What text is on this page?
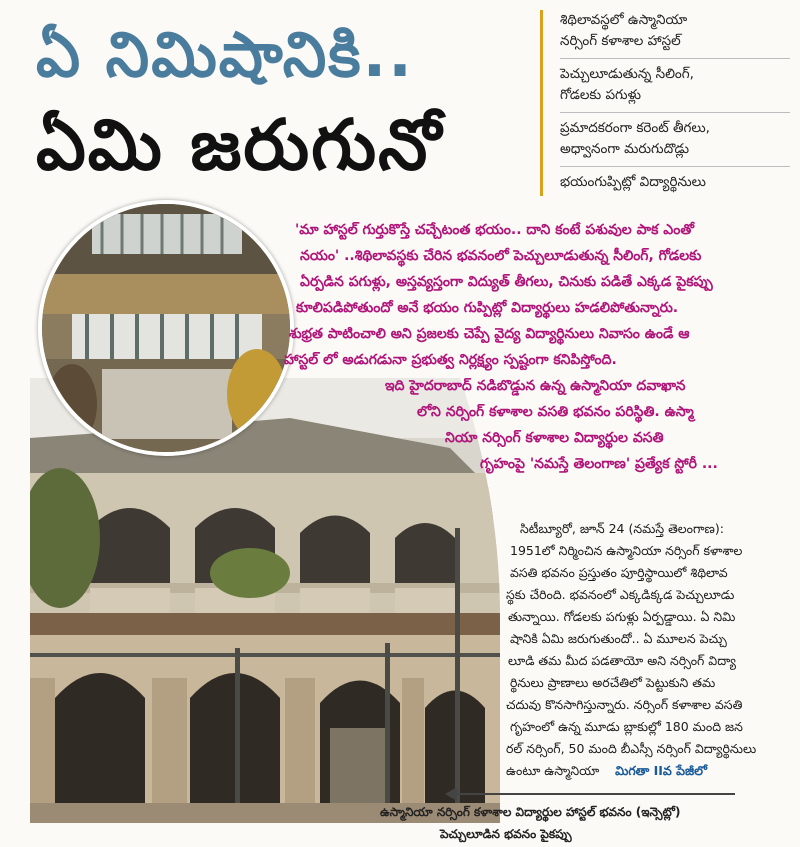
ఏ నిమిషానికి..
ఏమి జరుగునో
శిథిలావస్థలో ఉస్మానియా
నర్సింగ్ కళాశాల హాస్టల్
పెచ్చులూడుతున్న సీలింగ్,
గోడలకు పగుళ్లు
ప్రమాదకరంగా కరెంట్ తీగలు,
అధ్వానంగా మరుగుదొడ్లు
భయంగుప్పిట్లో విద్యార్థినులు
'మా హాస్టల్ గుర్తుకొస్తే చచ్చేటంత భయం.. దాని కంటే పశువుల పాక ఎంతో
నయం' ..శిథిలావస్థకు చేరిన భవనంలో పెచ్చులూడుతున్న సీలింగ్, గోడలకు
ఏర్పడిన పగుళ్లు, అస్తవ్యస్తంగా విద్యుత్ తీగలు, చినుకు పడితే ఎక్కడ పైకప్పు
కూలిపడిపోతుందో అనే భయం గుప్పిట్లో విద్యార్థులు హడలిపోతున్నారు.
శుభ్రత పాటించాలి అని ప్రజలకు చెప్పే వైద్య విద్యార్థినులు నివాసం ఉండే ఆ
హాస్టల్ లో అడుగడునా ప్రభుత్వ నిర్లక్ష్యం స్పష్టంగా కనిపిస్తోంది.
ఇది హైదరాబాద్ నడిబొడ్డున ఉన్న ఉస్మానియా దవాఖాన
లోని నర్సింగ్ కళాశాల వసతి భవనం పరిస్థితి. ఉస్మా
నియా నర్సింగ్ కళాశాల విద్యార్థుల వసతి
గృహంపై 'నమస్తే తెలంగాణ' ప్రత్యేక స్టోరీ ...
సిటీబ్యూరో, జూన్ 24 (నమస్తే తెలంగాణ):
1951లో నిర్మించిన ఉస్మానియా నర్సింగ్ కళాశాల
వసతి భవనం ప్రస్తుతం పూర్తిస్థాయిలో శిథిలావ
స్థకు చేరింది. భవనంలో ఎక్కడిక్కడ పెచ్చులూడు
తున్నాయి. గోడలకు పగుళ్లు ఏర్పడ్డాయి. ఏ నిమి
షానికి ఏమి జరుగుతుందో.. ఏ మూలన పెచ్చు
లూడి తమ మీద పడతాయో అని నర్సింగ్ విద్యా
ర్థినులు ప్రాణాలు అరచేతిలో పెట్టుకుని తమ
చదువు కొనసాగిస్తున్నారు. నర్సింగ్ కళాశాల వసతి
గృహంలో ఉన్న మూడు బ్లాకుల్లో 180 మంది జన
రల్ నర్సింగ్, 50 మంది బీఎస్సీ నర్సింగ్ విద్యార్థినులు
ఉంటూ ఉస్మానియా మిగతా IIవ పేజీలో
ఉస్మానియా నర్సింగ్ కళాశాల విద్యార్థుల హాస్టల్ భవనం (ఇన్సెట్లో)
పెచ్చులూడిన భవనం పైకప్పు
